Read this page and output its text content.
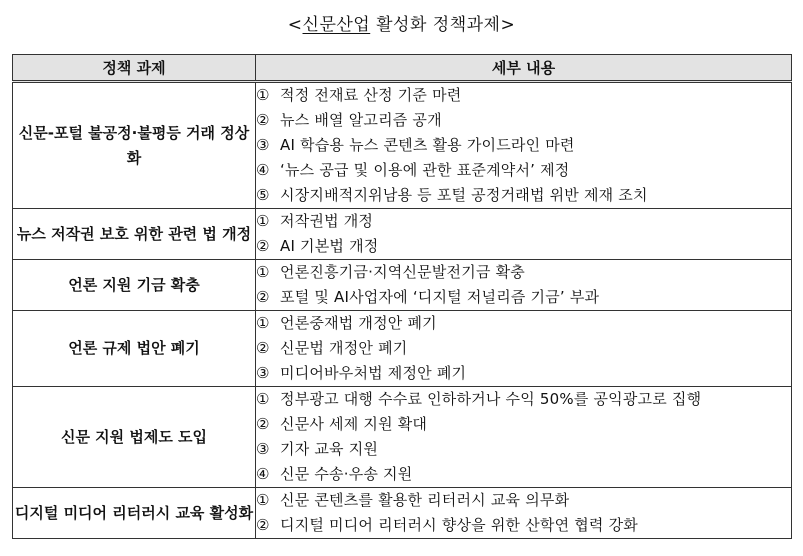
<신문산업 활성화 정책과제>
정책 과제	세부 내용
신문-포털 불공정·불평등 거래 정상화	① 적정 전재료 산정 기준 마련
② 뉴스 배열 알고리즘 공개
③ AI 학습용 뉴스 콘텐츠 활용 가이드라인 마련
④ ‘뉴스 공급 및 이용에 관한 표준계약서’ 제정
⑤ 시장지배적지위남용 등 포털 공정거래법 위반 제재 조치

뉴스 저작권 보호 위한 관련 법 개정	① 저작권법 개정
② AI 기본법 개정

언론 지원 기금 확충	① 언론진흥기금·지역신문발전기금 확충
② 포털 및 AI사업자에 ‘디지털 저널리즘 기금’ 부과

언론 규제 법안 폐기	① 언론중재법 개정안 폐기
② 신문법 개정안 폐기
③ 미디어바우처법 제정안 폐기

신문 지원 법제도 도입	① 정부광고 대행 수수료 인하하거나 수익 50%를 공익광고로 집행
② 신문사 세제 지원 확대
③ 기자 교육 지원
④ 신문 수송·우송 지원

디지털 미디어 리터러시 교육 활성화	① 신문 콘텐츠를 활용한 리터러시 교육 의무화
② 디지털 미디어 리터러시 향상을 위한 산학연 협력 강화
